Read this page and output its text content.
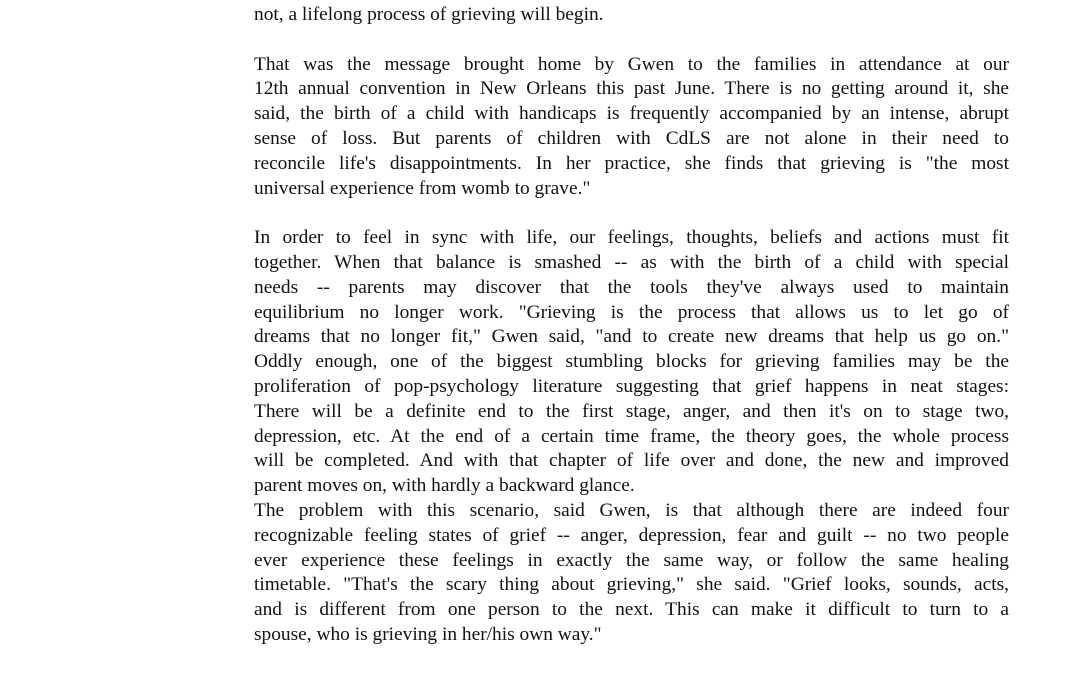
not, a lifelong process of grieving will begin.
That was the message brought home by Gwen to the families in attendance at our
12th annual convention in New Orleans this past June. There is no getting around it, she
said, the birth of a child with handicaps is frequently accompanied by an intense, abrupt
sense of loss. But parents of children with CdLS are not alone in their need to
reconcile life's disappointments. In her practice, she finds that grieving is "the most
universal experience from womb to grave."
In order to feel in sync with life, our feelings, thoughts, beliefs and actions must fit
together. When that balance is smashed -- as with the birth of a child with special
needs -- parents may discover that the tools they've always used to maintain
equilibrium no longer work. "Grieving is the process that allows us to let go of
dreams that no longer fit," Gwen said, "and to create new dreams that help us go on."
Oddly enough, one of the biggest stumbling blocks for grieving families may be the
proliferation of pop-psychology literature suggesting that grief happens in neat stages:
There will be a definite end to the first stage, anger, and then it's on to stage two,
depression, etc. At the end of a certain time frame, the theory goes, the whole process
will be completed. And with that chapter of life over and done, the new and improved
parent moves on, with hardly a backward glance.
The problem with this scenario, said Gwen, is that although there are indeed four
recognizable feeling states of grief -- anger, depression, fear and guilt -- no two people
ever experience these feelings in exactly the same way, or follow the same healing
timetable. "That's the scary thing about grieving," she said. "Grief looks, sounds, acts,
and is different from one person to the next. This can make it difficult to turn to a
spouse, who is grieving in her/his own way."
